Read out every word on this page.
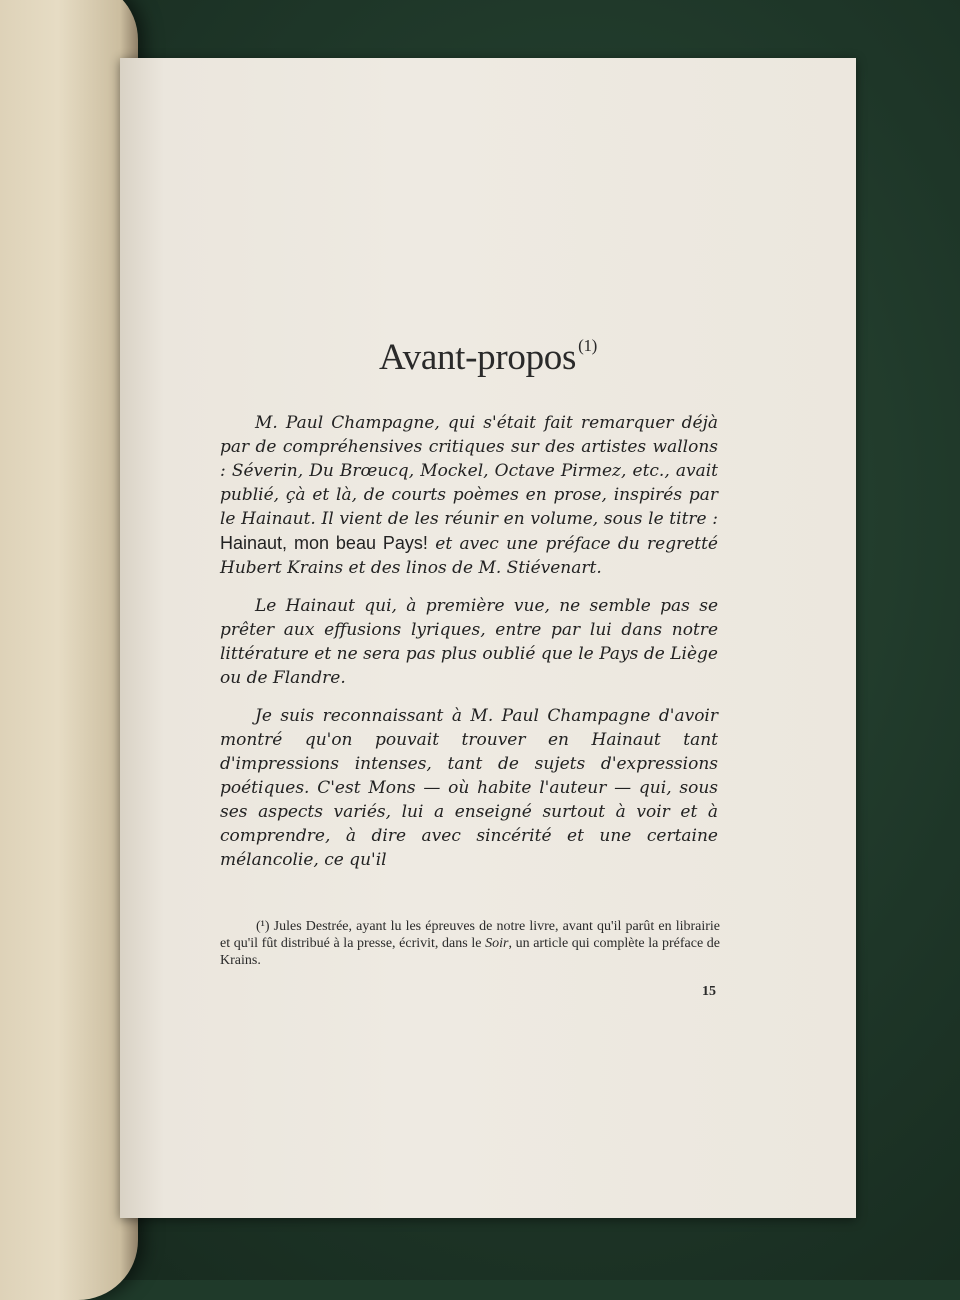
Avant-propos $^{(1)}$

M. Paul Champagne, qui s'était fait remarquer déjà par de compréhensives critiques sur des artistes wallons : Séverin, Du Brœucq, Mockel, Octave Pirmez, etc., avait publié, çà et là, de courts poèmes en prose, inspirés par le Hainaut. Il vient de les réunir en volume, sous le titre : Hainaut, mon beau Pays! et avec une préface du regretté Hubert Krains et des linos de M. Stiévenart.

Le Hainaut qui, à première vue, ne semble pas se prêter aux effusions lyriques, entre par lui dans notre littérature et ne sera pas plus oublié que le Pays de Liège ou de Flandre.

Je suis reconnaissant à M. Paul Champagne d'avoir montré qu'on pouvait trouver en Hainaut tant d'impressions intenses, tant de sujets d'expressions poétiques. C'est Mons — où habite l'auteur — qui, sous ses aspects variés, lui a enseigné surtout à voir et à comprendre, à dire avec sincérité et une certaine mélancolie, ce qu'il

(¹) Jules Destrée, ayant lu les épreuves de notre livre, avant qu'il parût en librairie et qu'il fût distribué à la presse, écrivit, dans le Soir, un article qui complète la préface de Krains.

15
